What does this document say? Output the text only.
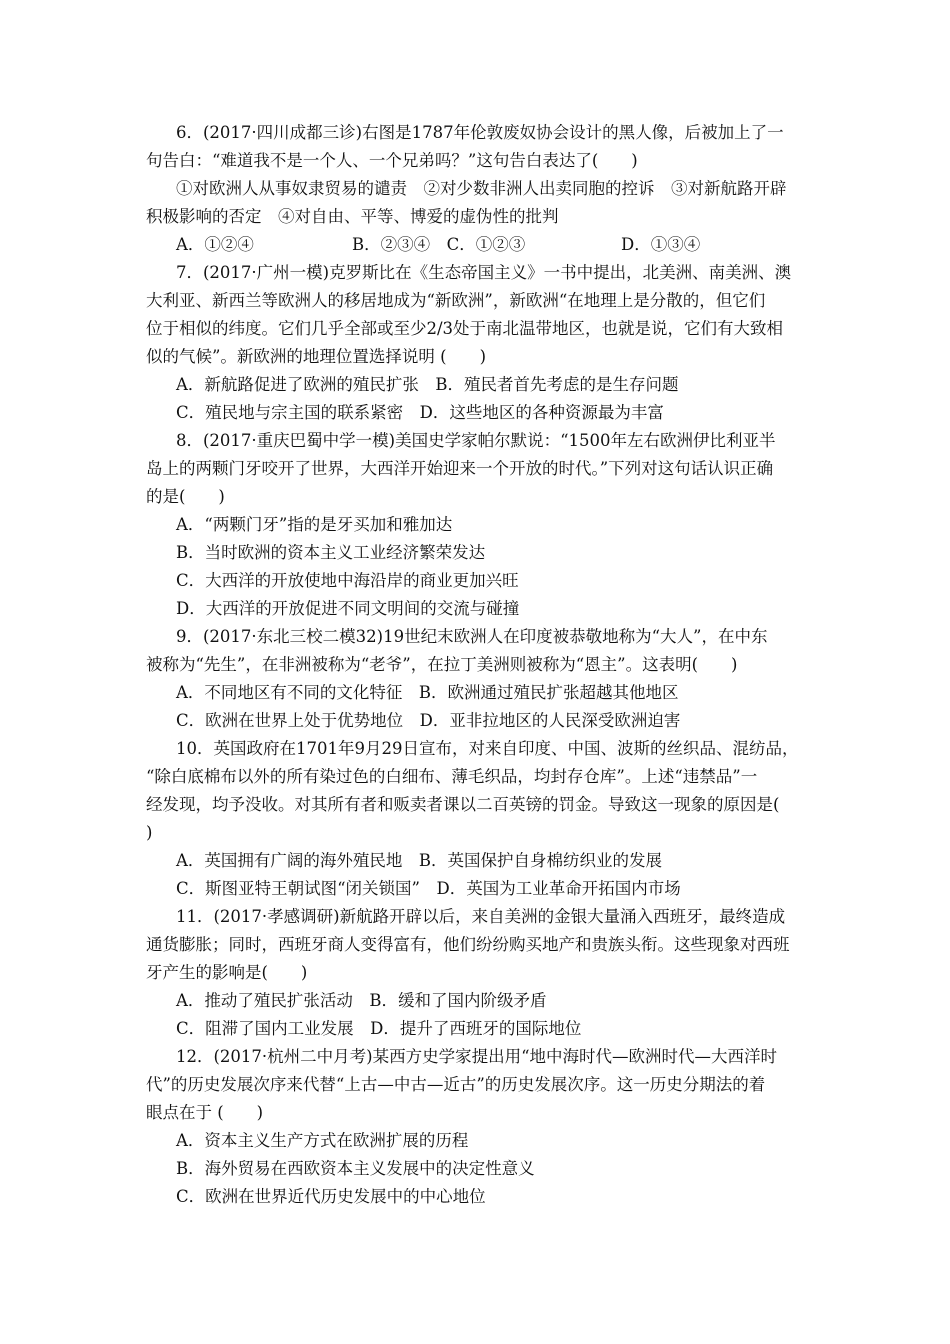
6．(2017·四川成都三诊)右图是1787年伦敦废奴协会设计的黑人像，后被加上了一
句告白：“难道我不是一个人、一个兄弟吗？”这句告白表达了(　　)
①对欧洲人从事奴隶贸易的谴责　②对少数非洲人出卖同胞的控诉　③对新航路开辟
积极影响的否定　④对自由、平等、博爱的虚伪性的批判
A．①②④	B．②③④　C．①②③	D．①③④
7．(2017·广州一模)克罗斯比在《生态帝国主义》一书中提出，北美洲、南美洲、澳
大利亚、新西兰等欧洲人的移居地成为“新欧洲”，新欧洲“在地理上是分散的，但它们
位于相似的纬度。它们几乎全部或至少2/3处于南北温带地区，也就是说，它们有大致相
似的气候”。新欧洲的地理位置选择说明 (　　)
A．新航路促进了欧洲的殖民扩张　B．殖民者首先考虑的是生存问题
C．殖民地与宗主国的联系紧密　D．这些地区的各种资源最为丰富
8．(2017·重庆巴蜀中学一模)美国史学家帕尔默说：“1500年左右欧洲伊比利亚半
岛上的两颗门牙咬开了世界，大西洋开始迎来一个开放的时代。”下列对这句话认识正确
的是(　　)
A．“两颗门牙”指的是牙买加和雅加达
B．当时欧洲的资本主义工业经济繁荣发达
C．大西洋的开放使地中海沿岸的商业更加兴旺
D．大西洋的开放促进不同文明间的交流与碰撞
9．(2017·东北三校二模32)19世纪末欧洲人在印度被恭敬地称为“大人”，在中东
被称为“先生”，在非洲被称为“老爷”，在拉丁美洲则被称为“恩主”。这表明(　　)
A．不同地区有不同的文化特征　B．欧洲通过殖民扩张超越其他地区
C．欧洲在世界上处于优势地位　D．亚非拉地区的人民深受欧洲迫害
10．英国政府在1701年9月29日宣布，对来自印度、中国、波斯的丝织品、混纺品，
“除白底棉布以外的所有染过色的白细布、薄毛织品，均封存仓库”。上述“违禁品”一
经发现，均予没收。对其所有者和贩卖者课以二百英镑的罚金。导致这一现象的原因是(
)
A．英国拥有广阔的海外殖民地　B．英国保护自身棉纺织业的发展
C．斯图亚特王朝试图“闭关锁国”　D．英国为工业革命开拓国内市场
11．(2017·孝感调研)新航路开辟以后，来自美洲的金银大量涌入西班牙，最终造成
通货膨胀；同时，西班牙商人变得富有，他们纷纷购买地产和贵族头衔。这些现象对西班
牙产生的影响是(　　)
A．推动了殖民扩张活动　B．缓和了国内阶级矛盾
C．阻滞了国内工业发展　D．提升了西班牙的国际地位
12．(2017·杭州二中月考)某西方史学家提出用“地中海时代—欧洲时代—大西洋时
代”的历史发展次序来代替“上古—中古—近古”的历史发展次序。这一历史分期法的着
眼点在于 (　　)
A．资本主义生产方式在欧洲扩展的历程
B．海外贸易在西欧资本主义发展中的决定性意义
C．欧洲在世界近代历史发展中的中心地位
